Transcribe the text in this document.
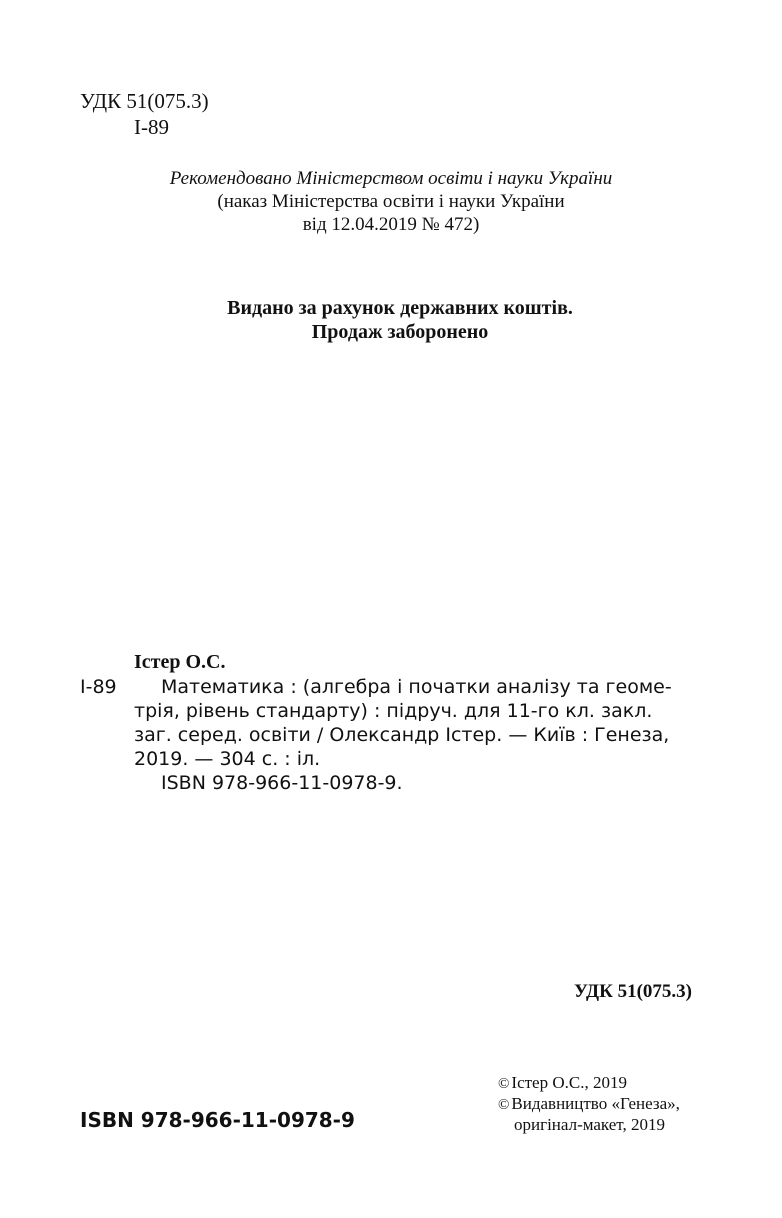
УДК 51(075.3)
І-89
Рекомендовано Міністерством освіти і науки України
(наказ Міністерства освіти і науки України
від 12.04.2019 № 472)
Видано за рахунок державних коштів.
Продаж заборонено
Істер О.С.
І-89 Математика : (алгебра і початки аналізу та геоме-
трія, рівень стандарту) : підруч. для 11-го кл. закл.
заг. серед. освіти / Олександр Істер. — Київ : Генеза,
2019. — 304 с. : іл.
ISBN 978-966-11-0978-9.
УДК 51(075.3)
ISBN 978-966-11-0978-9
© Істер О.С., 2019
© Видавництво «Генеза»,
оригінал-макет, 2019
